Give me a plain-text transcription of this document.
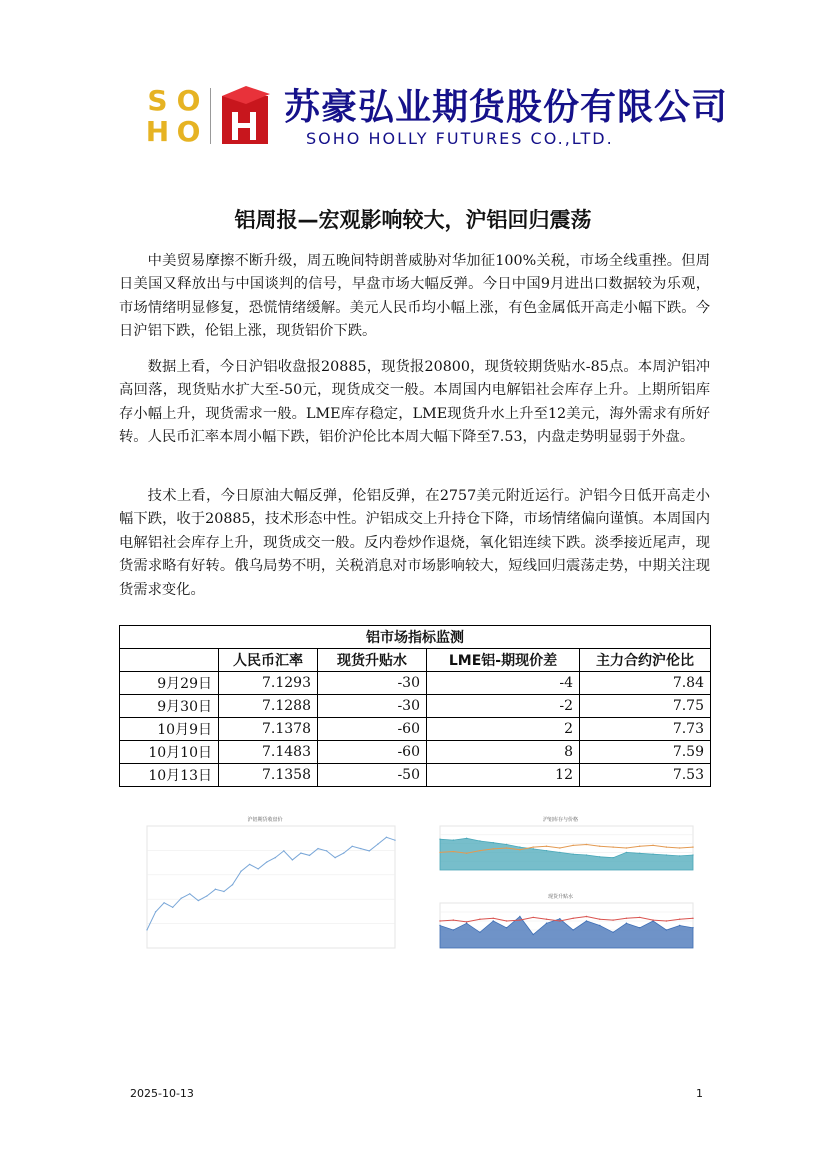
S O
H O
苏豪弘业期货股份有限公司
SOHO HOLLY FUTURES CO.,LTD.
铝周报—宏观影响较大，沪铝回归震荡

中美贸易摩擦不断升级，周五晚间特朗普威胁对华加征100%关税，市场全线重挫。但周日美国又释放出与中国谈判的信号，早盘市场大幅反弹。今日中国9月进出口数据较为乐观，市场情绪明显修复，恐慌情绪缓解。美元人民币均小幅上涨，有色金属低开高走小幅下跌。今日沪铝下跌，伦铝上涨，现货铝价下跌。

数据上看，今日沪铝收盘报20885，现货报20800，现货较期货贴水-85点。本周沪铝冲高回落，现货贴水扩大至-50元，现货成交一般。本周国内电解铝社会库存上升。上期所铝库存小幅上升，现货需求一般。LME库存稳定，LME现货升水上升至12美元，海外需求有所好转。人民币汇率本周小幅下跌，铝价沪伦比本周大幅下降至7.53，内盘走势明显弱于外盘。

技术上看，今日原油大幅反弹，伦铝反弹，在2757美元附近运行。沪铝今日低开高走小幅下跌，收于20885，技术形态中性。沪铝成交上升持仓下降，市场情绪偏向谨慎。本周国内电解铝社会库存上升，现货成交一般。反内卷炒作退烧，氧化铝连续下跌。淡季接近尾声，现货需求略有好转。俄乌局势不明，关税消息对市场影响较大，短线回归震荡走势，中期关注现货需求变化。

铝市场指标监测				
	人民币汇率	现货升贴水	LME铝-期现价差	主力合约沪伦比
9月29日	7.1293	-30	-4	7.84
9月30日	7.1288	-30	-2	7.75
10月9日	7.1378	-60	2	7.73
10月10日	7.1483	-60	8	7.59
10月13日	7.1358	-50	12	7.53
沪铝期货收盘价	沪铝库存与价格
现货升贴水
2025-10-13	1
